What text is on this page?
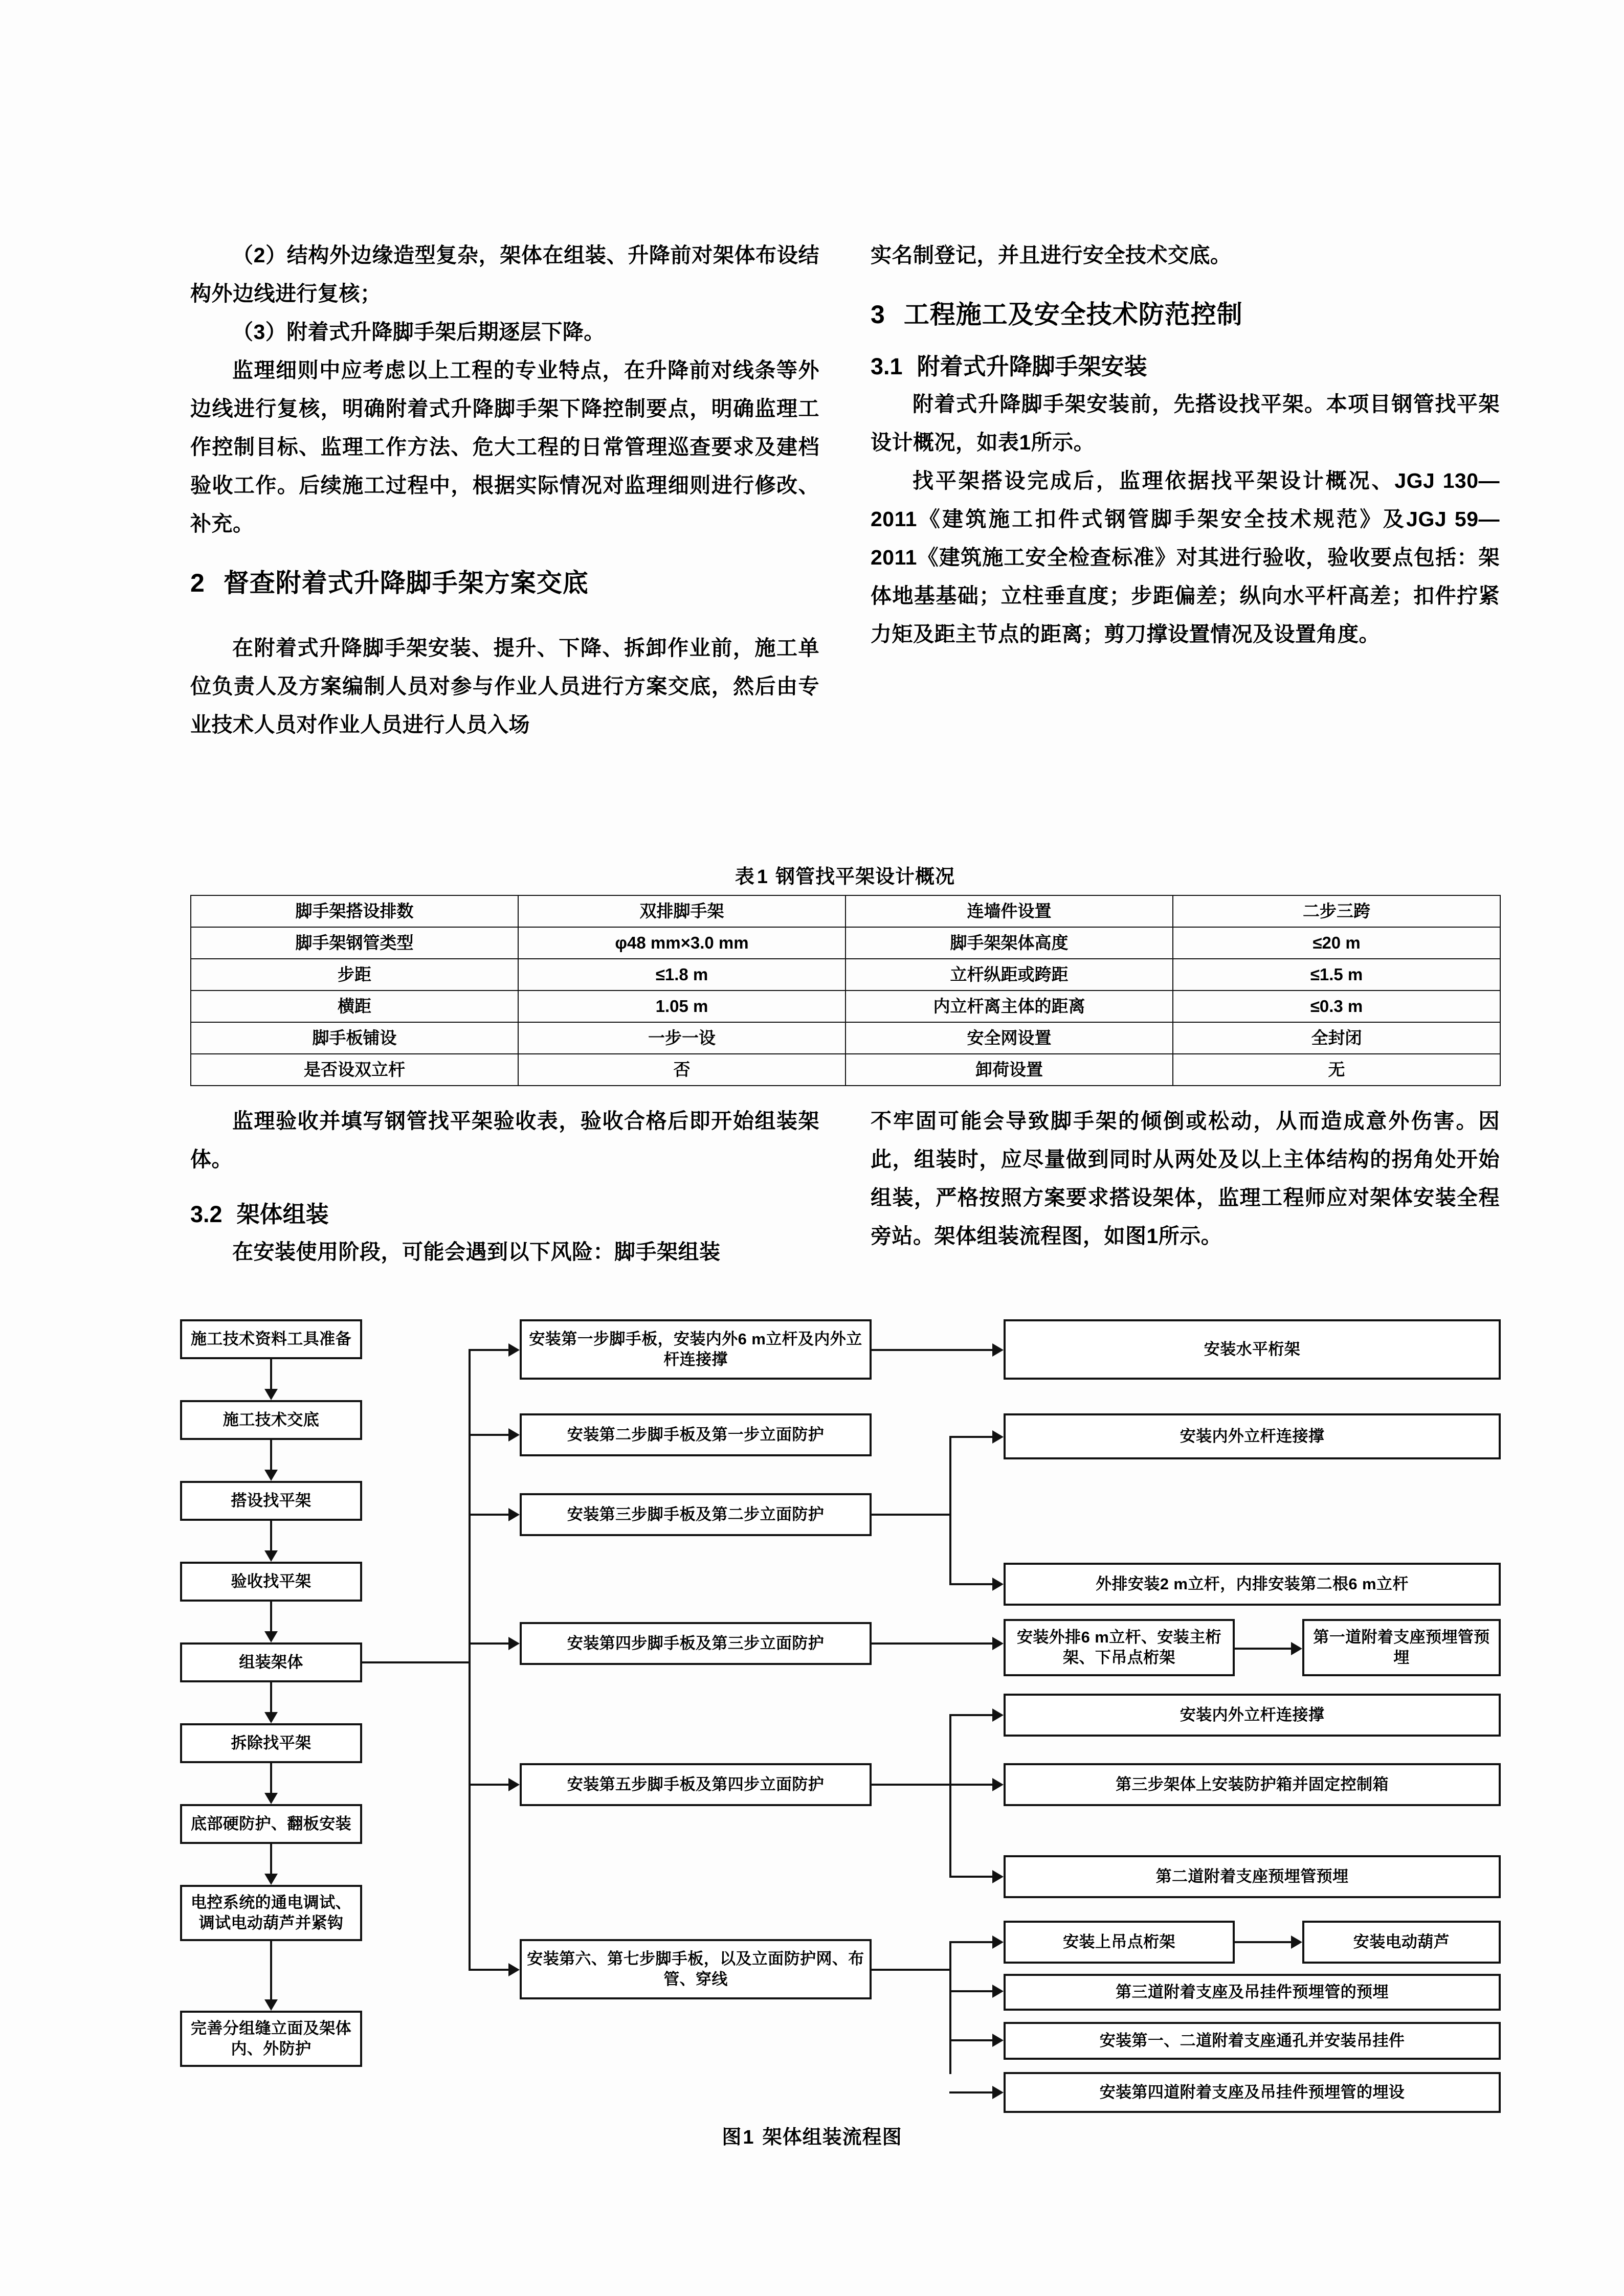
（2）结构外边缘造型复杂，架体在组装、升降前对架体布设结构外边线进行复核；

（3）附着式升降脚手架后期逐层下降。

监理细则中应考虑以上工程的专业特点，在升降前对线条等外边线进行复核，明确附着式升降脚手架下降控制要点，明确监理工作控制目标、监理工作方法、危大工程的日常管理巡查要求及建档验收工作。后续施工过程中，根据实际情况对监理细则进行修改、补充。

2 督查附着式升降脚手架方案交底

在附着式升降脚手架安装、提升、下降、拆卸作业前，施工单位负责人及方案编制人员对参与作业人员进行方案交底，然后由专业技术人员对作业人员进行人员入场

实名制登记，并且进行安全技术交底。

3 工程施工及安全技术防范控制
3.1 附着式升降脚手架安装

附着式升降脚手架安装前，先搭设找平架。本项目钢管找平架设计概况，如表1所示。

找平架搭设完成后，监理依据找平架设计概况、JGJ 130—2011《建筑施工扣件式钢管脚手架安全技术规范》及JGJ 59—2011《建筑施工安全检查标准》对其进行验收，验收要点包括：架体地基基础；立柱垂直度；步距偏差；纵向水平杆高差；扣件拧紧力矩及距主节点的距离；剪刀撑设置情况及设置角度。

表 1 钢管找平架设计概况
脚手架搭设排数	双排脚手架	连墙件设置	二步三跨
脚手架钢管类型	φ48 mm×3.0 mm	脚手架架体高度	≤20 m
步距	≤1.8 m	立杆纵距或跨距	≤1.5 m
横距	1.05 m	内立杆离主体的距离	≤0.3 m
脚手板铺设	一步一设	安全网设置	全封闭
是否设双立杆	否	卸荷设置	无

监理验收并填写钢管找平架验收表，验收合格后即开始组装架体。

3.2 架体组装

在安装使用阶段，可能会遇到以下风险：脚手架组装

不牢固可能会导致脚手架的倾倒或松动，从而造成意外伤害。因此，组装时，应尽量做到同时从两处及以上主体结构的拐角处开始组装，严格按照方案要求搭设架体，监理工程师应对架体安装全程旁站。架体组装流程图，如图1所示。

施工技术资料工具准备
施工技术交底
搭设找平架
验收找平架
组装架体
拆除找平架
底部硬防护、翻板安装
电控系统的通电调试、调试电动葫芦并紧钩
完善分组缝立面及架体内、外防护
安装第一步脚手板，安装内外6 m立杆及内外立杆连接撑
安装第二步脚手板及第一步立面防护
安装第三步脚手板及第二步立面防护
安装第四步脚手板及第三步立面防护
安装第五步脚手板及第四步立面防护
安装第六、第七步脚手板，以及立面防护网、布管、穿线
安装水平桁架
安装内外立杆连接撑
外排安装2 m立杆，内排安装第二根6 m立杆
安装外排6 m立杆、安装主桁架、下吊点桁架
第一道附着支座预埋管预埋
安装内外立杆连接撑
第三步架体上安装防护箱并固定控制箱
第二道附着支座预埋管预埋
安装上吊点桁架	安装电动葫芦
第三道附着支座及吊挂件预埋管的预埋
安装第一、二道附着支座通孔并安装吊挂件
安装第四道附着支座及吊挂件预埋管的埋设
图1 架体组装流程图
